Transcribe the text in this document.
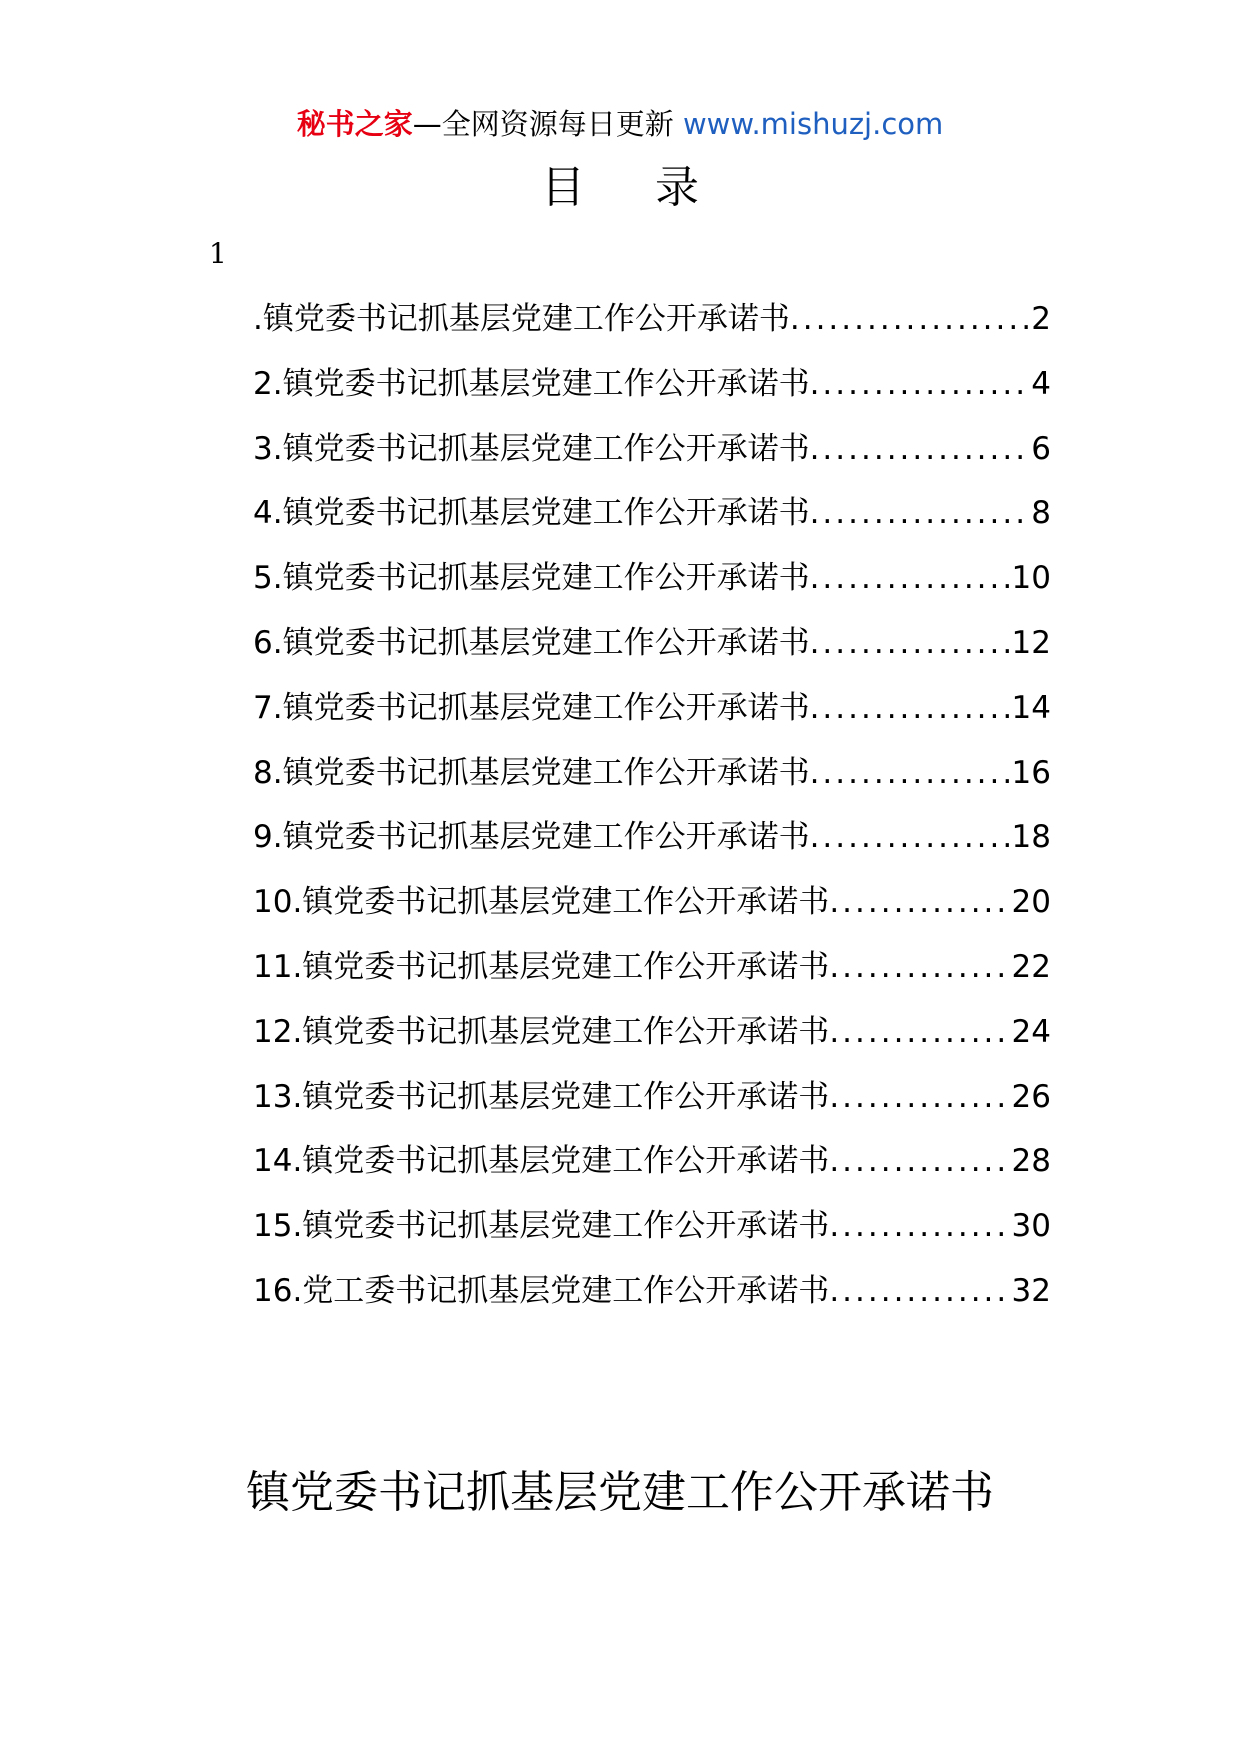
秘书之家—全网资源每日更新 www.mishuzj.com
目 录
1
.镇党委书记抓基层党建工作公开承诺书 .....	2
2.镇党委书记抓基层党建工作公开承诺书 .....	4
3.镇党委书记抓基层党建工作公开承诺书 .....	6
4.镇党委书记抓基层党建工作公开承诺书 .....	8
5.镇党委书记抓基层党建工作公开承诺书 .....	10
6.镇党委书记抓基层党建工作公开承诺书 .....	12
7.镇党委书记抓基层党建工作公开承诺书 .....	14
8.镇党委书记抓基层党建工作公开承诺书 .....	16
9.镇党委书记抓基层党建工作公开承诺书 .....	18
10.镇党委书记抓基层党建工作公开承诺书 .....	20
11.镇党委书记抓基层党建工作公开承诺书 .....	22
12.镇党委书记抓基层党建工作公开承诺书 .....	24
13.镇党委书记抓基层党建工作公开承诺书 .....	26
14.镇党委书记抓基层党建工作公开承诺书 .....	28
15.镇党委书记抓基层党建工作公开承诺书 .....	30
16.党工委书记抓基层党建工作公开承诺书 .....	32
镇党委书记抓基层党建工作公开承诺书
